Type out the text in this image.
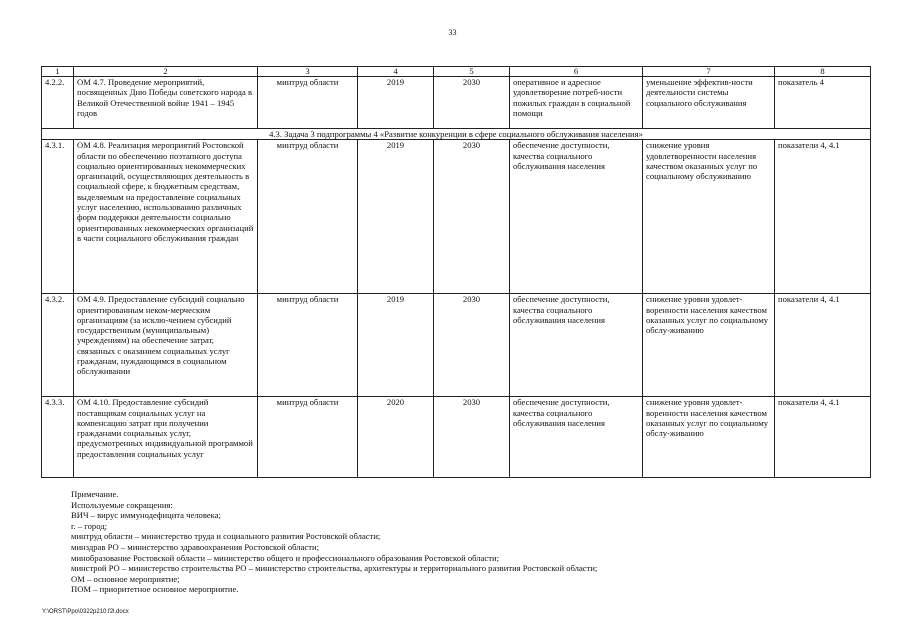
33
1	2	3	4	5	6	7	8
4.2.2.	ОМ 4.7. Проведение мероприятий, посвященных Дню Победы советского народа в Великой Отечественной войне 1941 – 1945 годов	минтруд области	2019	2030	оперативное и адресное удовлетворение потреб-ности пожилых граждан в социальной помощи	уменьшение эффектив-ности деятельности системы социального обслуживания	показатель 4
4.3. Задача 3 подпрограммы 4 «Развитие конкуренции в сфере социального обслуживания населения»							
4.3.1.	ОМ 4.8. Реализация мероприятий Ростовской области по обеспечению поэтапного доступа социально ориентированных некоммерческих организаций, осуществляющих деятельность в социальной сфере, к бюджетным средствам, выделяемым на предоставление социальных услуг населению, использованию различных форм поддержки деятельности социально ориентированных некоммерческих организаций в части социального обслуживания граждан	минтруд области	2019	2030	обеспечение доступности, качества социального обслуживания населения	снижение уровня удовлетворенности населения качеством оказанных услуг по социальному обслуживанию	показатели 4, 4.1
4.3.2.	ОМ 4.9. Предоставление субсидий социально ориентированным неком-мерческим организациям (за исклю-чением субсидий государственным (муниципальным) учреждениям) на обеспечение затрат, связанных с оказанием социальных услуг гражданам, нуждающимся в социальном обслуживании	минтруд области	2019	2030	обеспечение доступности, качества социального обслуживания населения	снижение уровня удовлет-воренности населения качеством оказанных услуг по социальному обслу-живанию	показатели 4, 4.1
4.3.3.	ОМ 4.10. Предоставление субсидий поставщикам социальных услуг на компенсацию затрат при получении гражданами социальных услуг, предусмотренных индивидуальной программой предоставления социальных услуг	минтруд области	2020	2030	обеспечение доступности, качества социального обслуживания населения	снижение уровня удовлет-воренности населения качеством оказанных услуг по социальному обслу-живанию	показатели 4, 4.1
Примечание.
Используемые сокращения:
ВИЧ – вирус иммунодефицита человека;
г. – город;
минтруд области – министерство труда и социального развития Ростовской области;
минздрав РО – министерство здравоохранения Ростовской области;
минобразование Ростовской области – министерство общего и профессионального образования Ростовской области;
минстрой РО – министерство строительства РО – министерство строительства, архитектуры и территориального развития Ростовской области;
ОМ – основное мероприятие;
ПОМ – приоритетное основное мероприятие.
Y:\ORST\Ppo\0322p210.f2l.docx
